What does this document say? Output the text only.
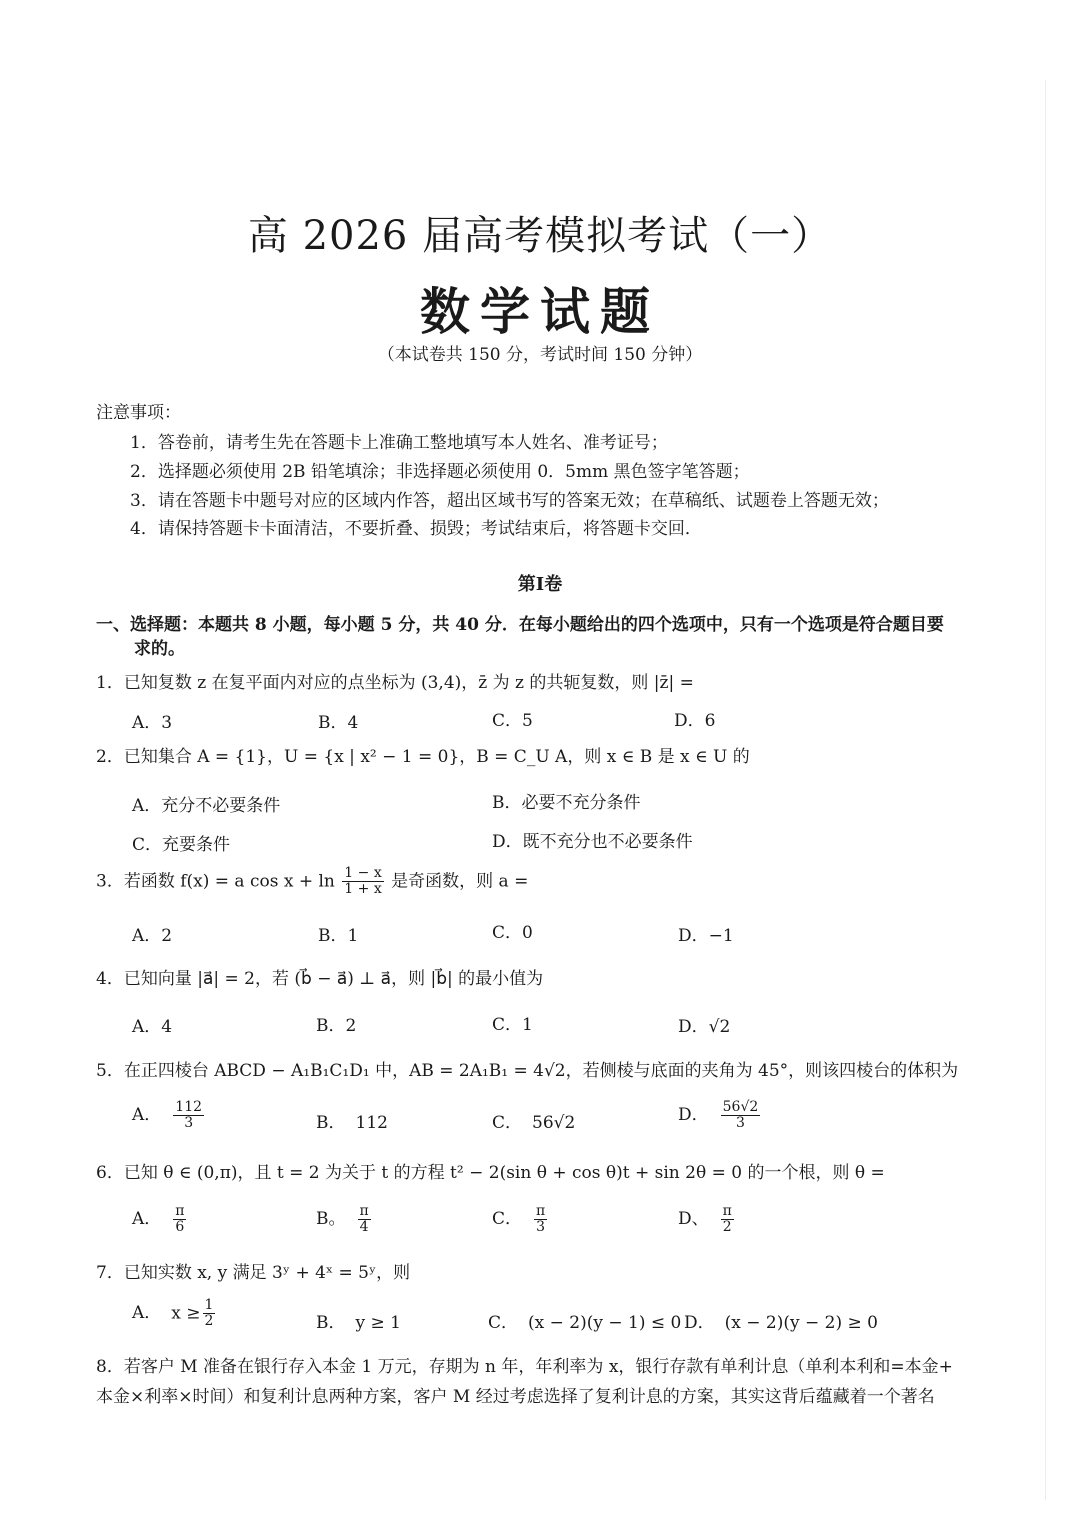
高 2026 届高考模拟考试（一）
数学试题
（本试卷共 150 分，考试时间 150 分钟）
注意事项：
1．答卷前，请考生先在答题卡上准确工整地填写本人姓名、准考证号；
2．选择题必须使用 2B 铅笔填涂；非选择题必须使用 0．5mm 黑色签字笔答题；
3．请在答题卡中题号对应的区域内作答，超出区域书写的答案无效；在草稿纸、试题卷上答题无效；
4．请保持答题卡卡面清洁，不要折叠、损毁；考试结束后，将答题卡交回．
第Ⅰ卷
一、选择题：本题共 8 小题，每小题 5 分，共 40 分．在每小题给出的四个选项中，只有一个选项是符合题目要
求的。
1．已知复数 z 在复平面内对应的点坐标为 (3,4)，z̄ 为 z 的共轭复数，则 |z̄| =
A．3	B．4	C．5	D．6
2．已知集合 A = {1}，U = {x | x² − 1 = 0}，B = C_U A，则 x ∈ B 是 x ∈ U 的
A．充分不必要条件	B．必要不充分条件
C．充要条件	D．既不充分也不必要条件
3．若函数 f(x) = a $\cos x + \ln \frac{1 - x}{1 + x}$ 是奇函数，则 a =
A．2	B．1	C．0	D．−1
4．已知向量 |a⃗| = 2，若 (b⃗ − a⃗) ⊥ a⃗，则 |b⃗| 的最小值为
A．4	B．2	C．1	D．√2
5．在正四棱台 ABCD − A₁B₁C₁D₁ 中，AB = 2A₁B₁ = 4√2，若侧棱与底面的夹角为 45°，则该四棱台的体积为
A． $\frac{112}{3}$	B． 112	C． 56√2	D． $\frac{56√2}{3}$
6．已知 θ ∈ (0,π)，且 t = 2 为关于 t 的方程 t² − 2(sin θ + cos θ)t + sin 2θ = 0 的一个根，则 θ =
A． $\frac{\pi}{6}$	B。 $\frac{\pi}{4}$	C． $\frac{\pi}{3}$	D、 $\frac{\pi}{2}$
7．已知实数 x, y 满足 3ʸ + 4ˣ = 5ʸ，则
A． $x \ge \frac{1}{2}$	B． y ≥ 1	C． (x − 2)(y − 1) ≤ 0 D． (x − 2)(y − 2) ≥ 0
8．若客户 M 准备在银行存入本金 1 万元，存期为 n 年，年利率为 x，银行存款有单利计息（单利本利和=本金+
本金×利率×时间）和复利计息两种方案，客户 M 经过考虑选择了复利计息的方案，其实这背后蕴藏着一个著名
